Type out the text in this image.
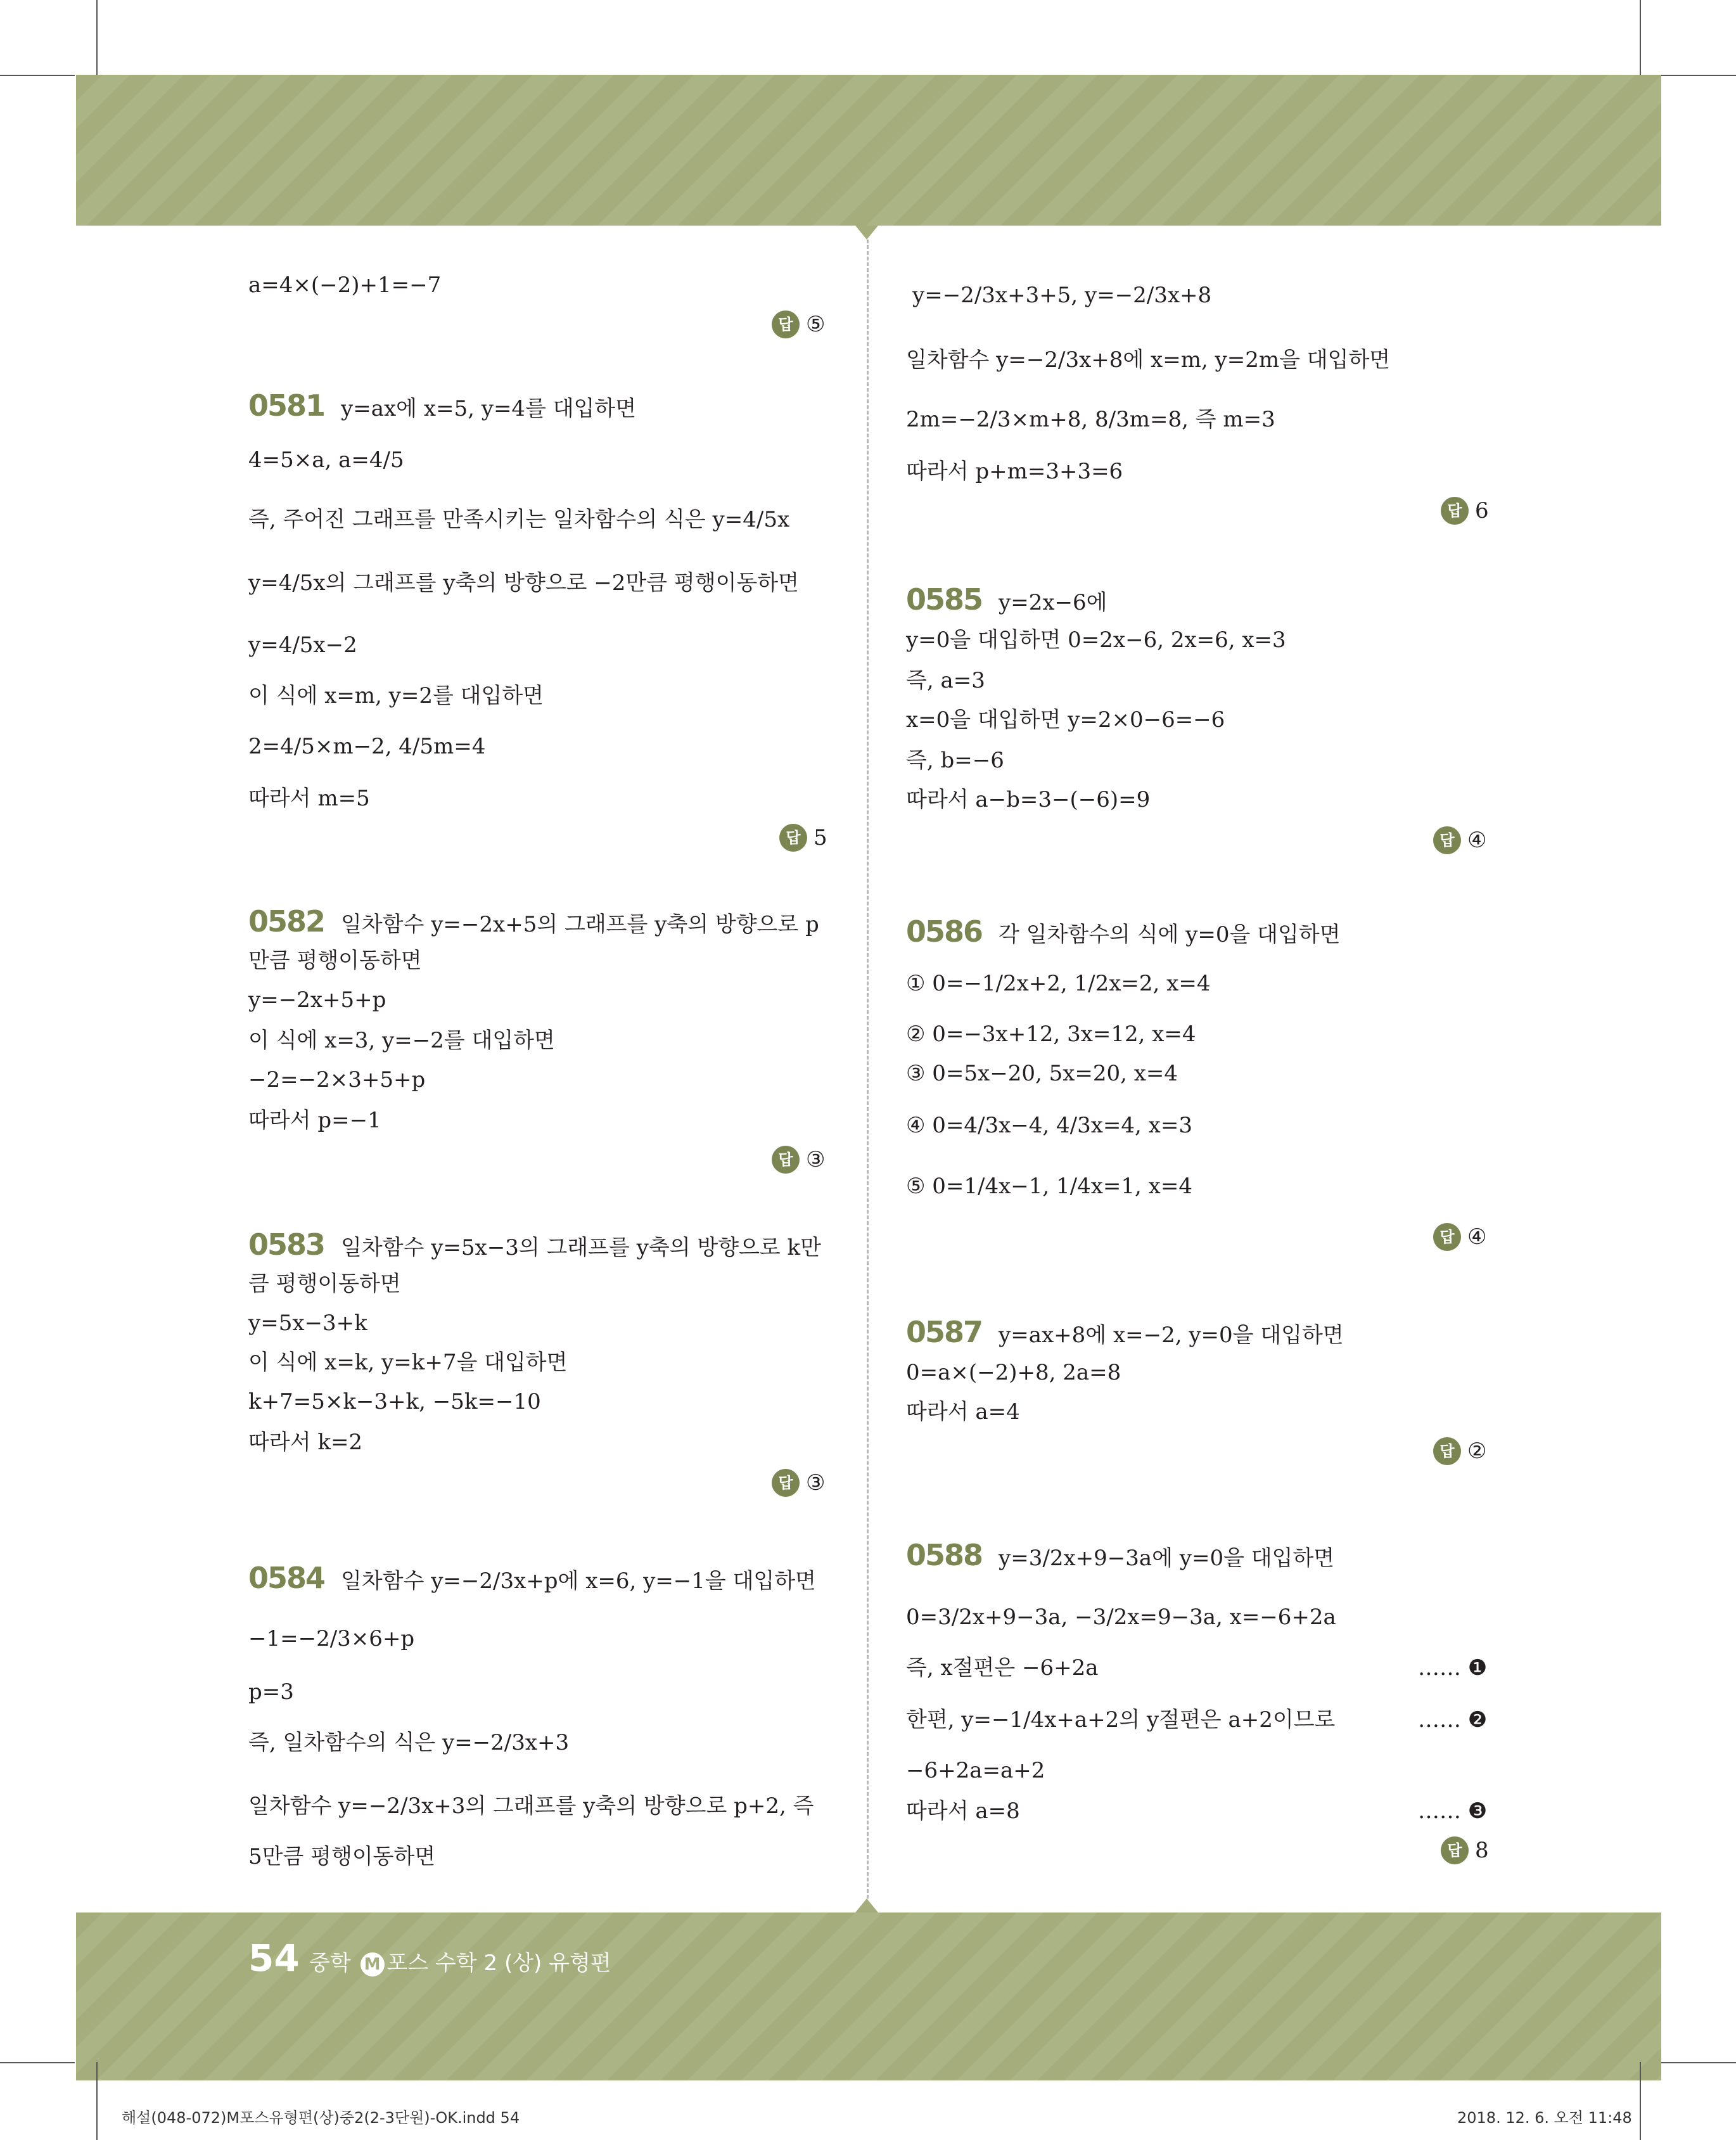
a=4×(−2)+1=−7
답 ⑤
0581 y=ax에 x=5, y=4를 대입하면
4=5×a, a=4/5
즉, 주어진 그래프를 만족시키는 일차함수의 식은 y=4/5x
y=4/5x의 그래프를 y축의 방향으로 −2만큼 평행이동하면
y=4/5x−2
이 식에 x=m, y=2를 대입하면
2=4/5×m−2, 4/5m=4
따라서 m=5
답 5
0582 일차함수 y=−2x+5의 그래프를 y축의 방향으로 p
만큼 평행이동하면
y=−2x+5+p
이 식에 x=3, y=−2를 대입하면
−2=−2×3+5+p
따라서 p=−1
답 ③
0583 일차함수 y=5x−3의 그래프를 y축의 방향으로 k만
큼 평행이동하면
y=5x−3+k
이 식에 x=k, y=k+7을 대입하면
k+7=5×k−3+k, −5k=−10
따라서 k=2
답 ③
0584 일차함수 y=−2/3x+p에 x=6, y=−1을 대입하면
−1=−2/3×6+p
p=3
즉, 일차함수의 식은 y=−2/3x+3
일차함수 y=−2/3x+3의 그래프를 y축의 방향으로 p+2, 즉
5만큼 평행이동하면
y=−2/3x+3+5, y=−2/3x+8
일차함수 y=−2/3x+8에 x=m, y=2m을 대입하면
2m=−2/3×m+8, 8/3m=8, 즉 m=3
따라서 p+m=3+3=6
답 6
0585 y=2x−6에
y=0을 대입하면 0=2x−6, 2x=6, x=3
즉, a=3
x=0을 대입하면 y=2×0−6=−6
즉, b=−6
따라서 a−b=3−(−6)=9
답 ④
0586 각 일차함수의 식에 y=0을 대입하면
① 0=−1/2x+2, 1/2x=2, x=4
② 0=−3x+12, 3x=12, x=4
③ 0=5x−20, 5x=20, x=4
④ 0=4/3x−4, 4/3x=4, x=3
⑤ 0=1/4x−1, 1/4x=1, x=4
답 ④
0587 y=ax+8에 x=−2, y=0을 대입하면
0=a×(−2)+8, 2a=8
따라서 a=4
답 ②
0588 y=3/2x+9−3a에 y=0을 대입하면
0=3/2x+9−3a, −3/2x=9−3a, x=−6+2a
즉, x절편은 −6+2a	…… ❶
한편, y=−1/4x+a+2의 y절편은 a+2이므로	…… ❷
−6+2a=a+2
따라서 a=8	…… ❸
답 8
54 중학 M 포스 수학 2 (상) 유형편
해설(048-072)M포스유형편(상)중2(2-3단원)-OK.indd 54	2018. 12. 6. 오전 11:48
